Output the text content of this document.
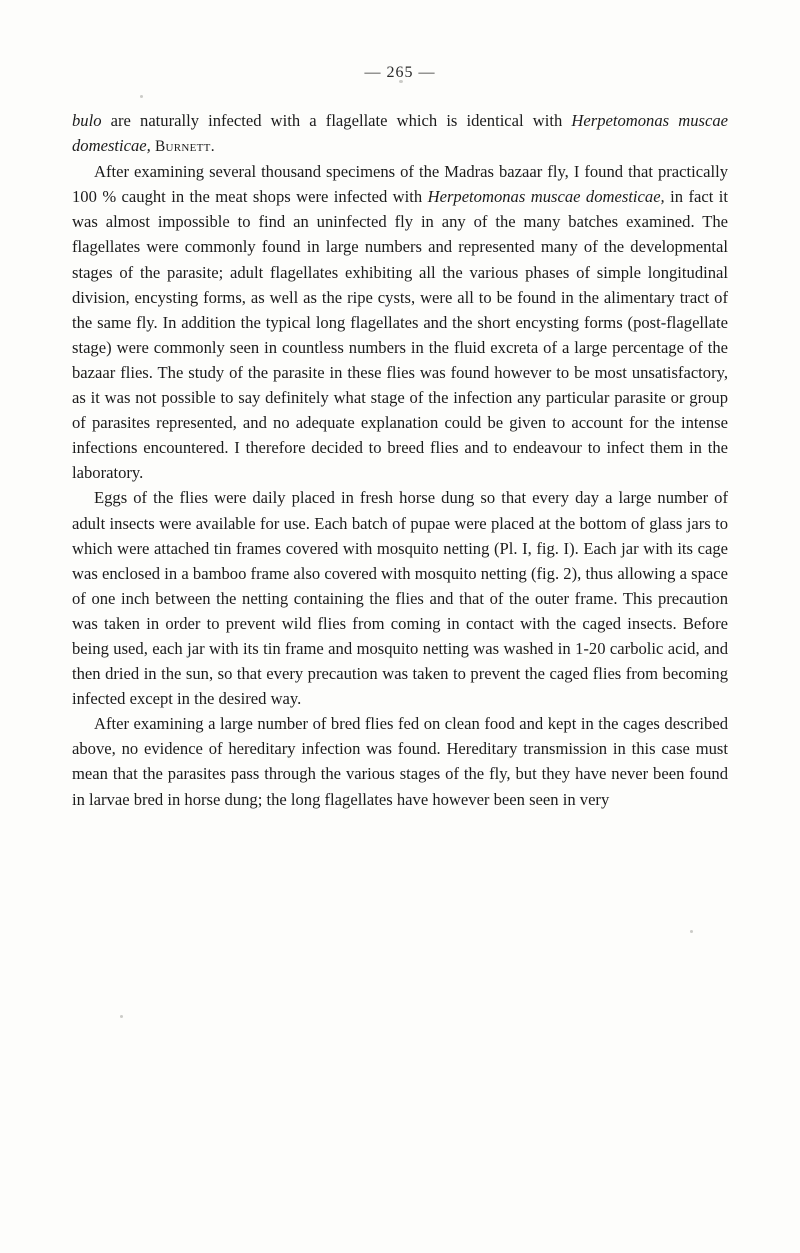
— 265 —

bulo are naturally infected with a flagellate which is identical with Herpetomonas muscae domesticae, Burnett.

After examining several thousand specimens of the Madras bazaar fly, I found that practically 100 % caught in the meat shops were infected with Herpetomonas muscae domesticae, in fact it was almost impossible to find an uninfected fly in any of the many batches examined. The flagellates were commonly found in large numbers and represented many of the developmental stages of the parasite; adult flagellates exhibiting all the various phases of simple longitudinal division, encysting forms, as well as the ripe cysts, were all to be found in the alimentary tract of the same fly. In addition the typical long flagellates and the short encysting forms (post-flagellate stage) were commonly seen in countless numbers in the fluid excreta of a large percentage of the bazaar flies. The study of the parasite in these flies was found however to be most unsatisfactory, as it was not possible to say definitely what stage of the infection any particular parasite or group of parasites represented, and no adequate explanation could be given to account for the intense infections encountered. I therefore decided to breed flies and to endeavour to infect them in the laboratory.

Eggs of the flies were daily placed in fresh horse dung so that every day a large number of adult insects were available for use. Each batch of pupae were placed at the bottom of glass jars to which were attached tin frames covered with mosquito netting (Pl. I, fig. I). Each jar with its cage was enclosed in a bamboo frame also covered with mosquito netting (fig. 2), thus allowing a space of one inch between the netting containing the flies and that of the outer frame. This precaution was taken in order to prevent wild flies from coming in contact with the caged insects. Before being used, each jar with its tin frame and mosquito netting was washed in 1-20 carbolic acid, and then dried in the sun, so that every precaution was taken to prevent the caged flies from becoming infected except in the desired way.

After examining a large number of bred flies fed on clean food and kept in the cages described above, no evidence of hereditary infection was found. Hereditary transmission in this case must mean that the parasites pass through the various stages of the fly, but they have never been found in larvae bred in horse dung; the long flagellates have however been seen in very
